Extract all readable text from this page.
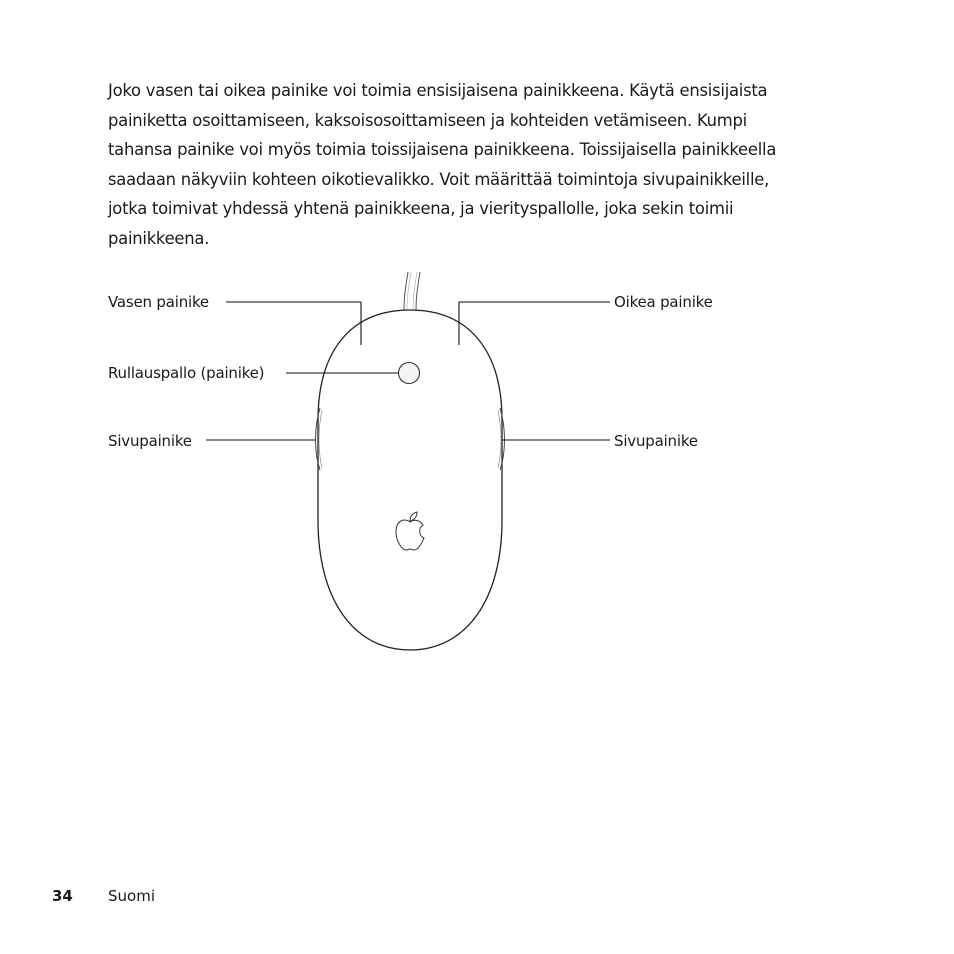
Joko vasen tai oikea painike voi toimia ensisijaisena painikkeena. Käytä ensisijaista
painiketta osoittamiseen, kaksoisosoittamiseen ja kohteiden vetämiseen. Kumpi
tahansa painike voi myös toimia toissijaisena painikkeena. Toissijaisella painikkeella
saadaan näkyviin kohteen oikotievalikko. Voit määrittää toimintoja sivupainikkeille,
jotka toimivat yhdessä yhtenä painikkeena, ja vierityspallolle, joka sekin toimii
painikkeena.

Vasen painike	Oikea painike
Rullauspallo (painike)
Sivupainike	Sivupainike
34 Suomi
